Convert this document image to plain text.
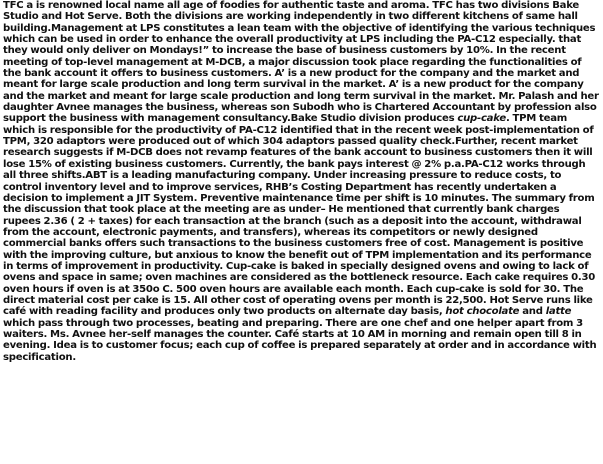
TFC a is renowned local name all age of foodies for authentic taste and aroma. TFC has two divisions Bake Studio and Hot Serve. Both the divisions are working independently in two different kitchens of same hall building.Management at LPS constitutes a lean team with the objective of identifying the various techniques which can be used in order to enhance the overall productivity at LPS including the PA-C12 especially. that they would only deliver on Mondays!” to increase the base of business customers by 10%. In the recent meeting of top-level management at M-DCB, a major discussion took place regarding the functionalities of the bank account it offers to business customers. A’ is a new product for the company and the market and meant for large scale production and long term survival in the market. A’ is a new product for the company and the market and meant for large scale production and long term survival in the market. Mr. Palash and her daughter Avnee manages the business, whereas son Subodh who is Chartered Accountant by profession also support the business with management consultancy.Bake Studio division produces cup-cake. TPM team which is responsible for the productivity of PA-C12 identified that in the recent week post-implementation of TPM, 320 adaptors were produced out of which 304 adaptors passed quality check.Further, recent market research suggests if M-DCB does not revamp features of the bank account to business customers then it will lose 15% of existing business customers. Currently, the bank pays interest @ 2% p.a.PA-C12 works through all three shifts.ABT is a leading manufacturing company. Under increasing pressure to reduce costs, to control inventory level and to improve services, RHB’s Costing Department has recently undertaken a decision to implement a JIT System. Preventive maintenance time per shift is 10 minutes. The summary from the discussion that took place at the meeting are as under– He mentioned that currently bank charges rupees 2.36 ( 2 + taxes) for each transaction at the branch (such as a deposit into the account, withdrawal from the account, electronic payments, and transfers), whereas its competitors or newly designed commercial banks offers such transactions to the business customers free of cost. Management is positive with the improving culture, but anxious to know the benefit out of TPM implementation and its performance in terms of improvement in productivity. Cup-cake is baked in specially designed ovens and owing to lack of ovens and space in same; oven machines are considered as the bottleneck resource. Each cake requires 0.30 oven hours if oven is at 350o C. 500 oven hours are available each month. Each cup-cake is sold for 30. The direct material cost per cake is 15. All other cost of operating ovens per month is 22,500. Hot Serve runs like café with reading facility and produces only two products on alternate day basis, hot chocolate and latte which pass through two processes, beating and preparing. There are one chef and one helper apart from 3 waiters. Ms. Avnee her-self manages the counter. Café starts at 10 AM in morning and remain open till 8 in evening. Idea is to customer focus; each cup of coffee is prepared separately at order and in accordance with specification.
